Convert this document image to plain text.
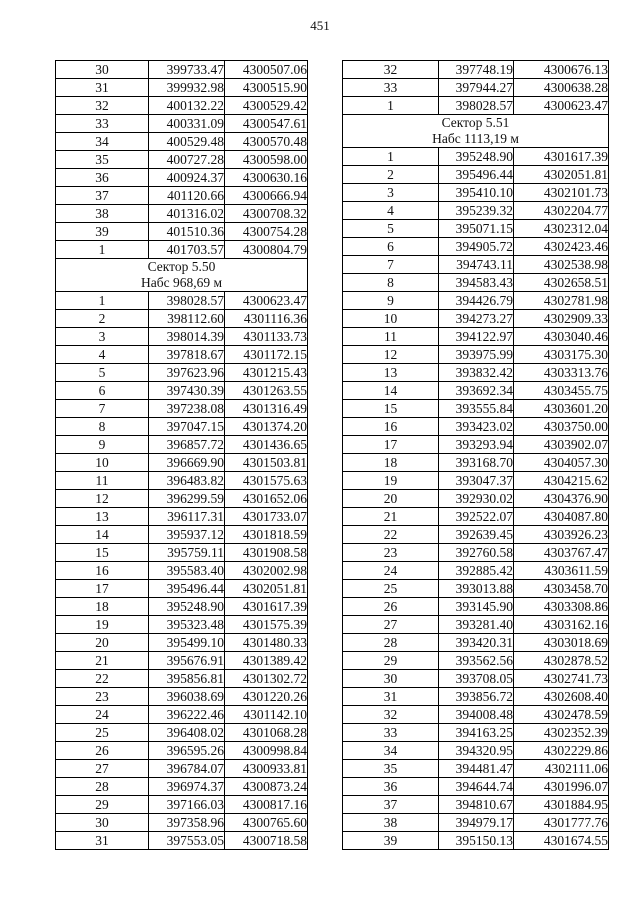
451
30	399733.47	4300507.06
31	399932.98	4300515.90
32	400132.22	4300529.42
33	400331.09	4300547.61
34	400529.48	4300570.48
35	400727.28	4300598.00
36	400924.37	4300630.16
37	401120.66	4300666.94
38	401316.02	4300708.32
39	401510.36	4300754.28
1	401703.57	4300804.79

Сектор 5.50
Набс 968,69 м		

1	398028.57	4300623.47
2	398112.60	4301116.36
3	398014.39	4301133.73
4	397818.67	4301172.15
5	397623.96	4301215.43
6	397430.39	4301263.55
7	397238.08	4301316.49
8	397047.15	4301374.20
9	396857.72	4301436.65
10	396669.90	4301503.81
11	396483.82	4301575.63
12	396299.59	4301652.06
13	396117.31	4301733.07
14	395937.12	4301818.59
15	395759.11	4301908.58
16	395583.40	4302002.98
17	395496.44	4302051.81
18	395248.90	4301617.39
19	395323.48	4301575.39
20	395499.10	4301480.33
21	395676.91	4301389.42
22	395856.81	4301302.72
23	396038.69	4301220.26
24	396222.46	4301142.10
25	396408.02	4301068.28
26	396595.26	4300998.84
27	396784.07	4300933.81
28	396974.37	4300873.24
29	397166.03	4300817.16
30	397358.96	4300765.60
31	397553.05	4300718.58
32	397748.19	4300676.13
33	397944.27	4300638.28
1	398028.57	4300623.47

Сектор 5.51
Набс 1113,19 м		

1	395248.90	4301617.39
2	395496.44	4302051.81
3	395410.10	4302101.73
4	395239.32	4302204.77
5	395071.15	4302312.04
6	394905.72	4302423.46
7	394743.11	4302538.98
8	394583.43	4302658.51
9	394426.79	4302781.98
10	394273.27	4302909.33
11	394122.97	4303040.46
12	393975.99	4303175.30
13	393832.42	4303313.76
14	393692.34	4303455.75
15	393555.84	4303601.20
16	393423.02	4303750.00
17	393293.94	4303902.07
18	393168.70	4304057.30
19	393047.37	4304215.62
20	392930.02	4304376.90
21	392522.07	4304087.80
22	392639.45	4303926.23
23	392760.58	4303767.47
24	392885.42	4303611.59
25	393013.88	4303458.70
26	393145.90	4303308.86
27	393281.40	4303162.16
28	393420.31	4303018.69
29	393562.56	4302878.52
30	393708.05	4302741.73
31	393856.72	4302608.40
32	394008.48	4302478.59
33	394163.25	4302352.39
34	394320.95	4302229.86
35	394481.47	4302111.06
36	394644.74	4301996.07
37	394810.67	4301884.95
38	394979.17	4301777.76
39	395150.13	4301674.55
